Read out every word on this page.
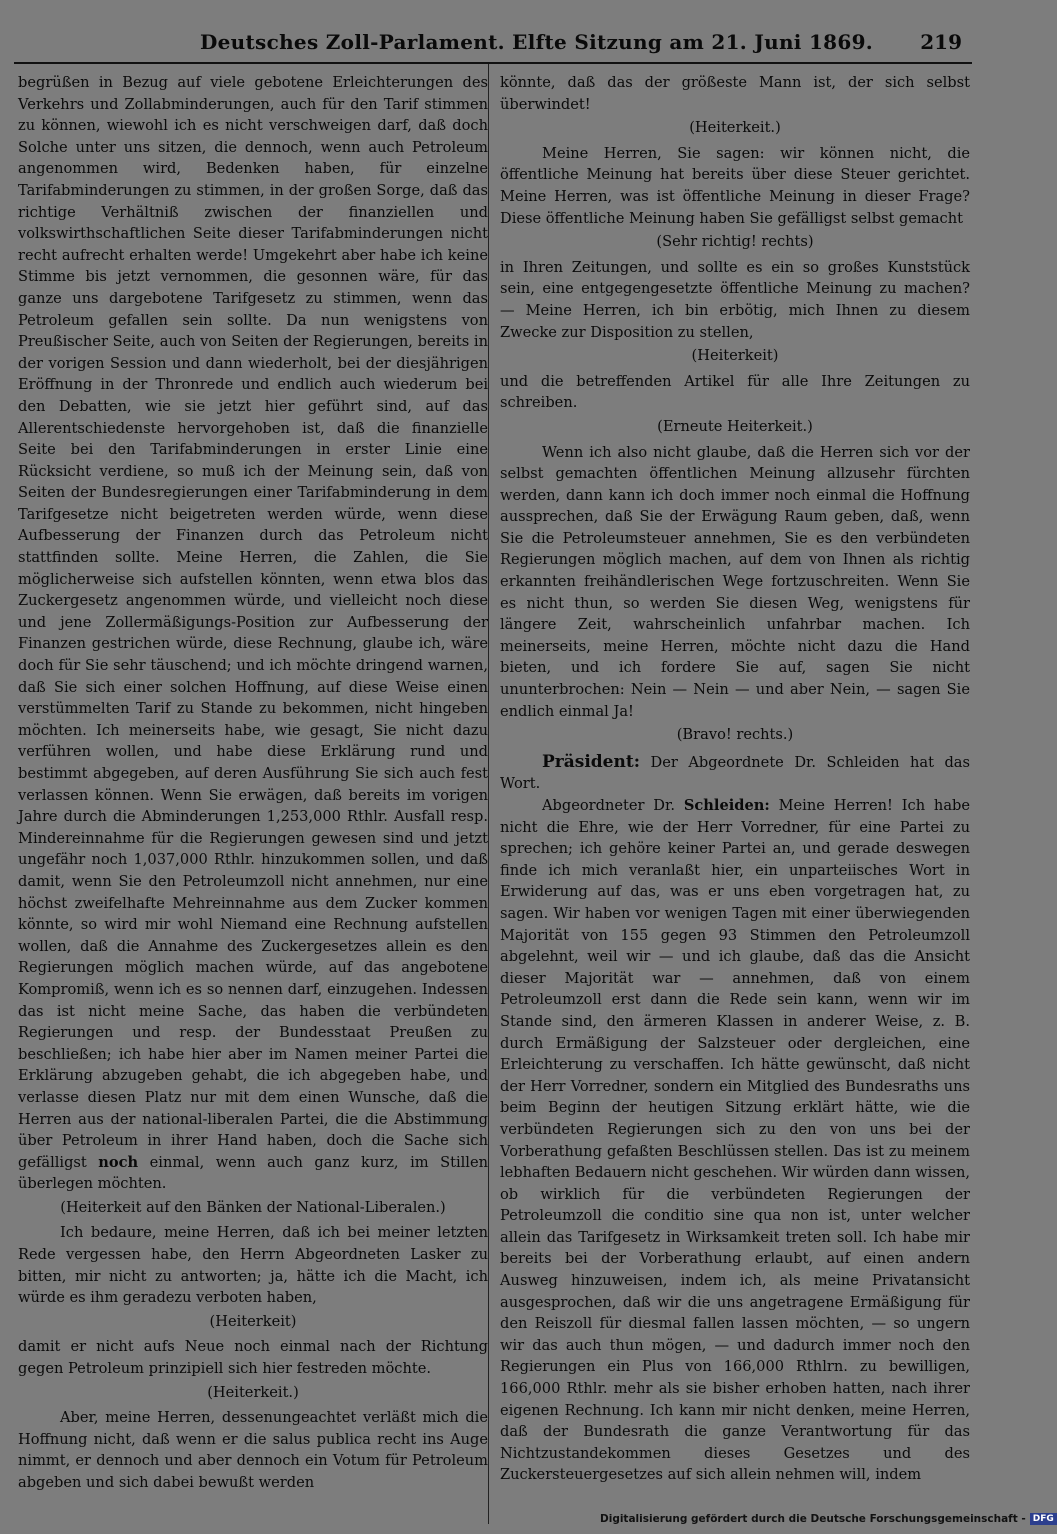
Deutsches Zoll-Parlament. Elfte Sitzung am 21. Juni 1869. 219

begrüßen in Bezug auf viele gebotene Erleichterungen des Verkehrs und Zollabminderungen, auch für den Tarif stimmen zu können, wiewohl ich es nicht verschweigen darf, daß doch Solche unter uns sitzen, die dennoch, wenn auch Petroleum angenommen wird, Bedenken haben, für einzelne Tarifabminderungen zu stimmen, in der großen Sorge, daß das richtige Verhältniß zwischen der finanziellen und volkswirthschaftlichen Seite dieser Tarifabminderungen nicht recht aufrecht erhalten werde! Umgekehrt aber habe ich keine Stimme bis jetzt vernommen, die gesonnen wäre, für das ganze uns dargebotene Tarifgesetz zu stimmen, wenn das Petroleum gefallen sein sollte. Da nun wenigstens von Preußischer Seite, auch von Seiten der Regierungen, bereits in der vorigen Session und dann wiederholt, bei der diesjährigen Eröffnung in der Thronrede und endlich auch wiederum bei den Debatten, wie sie jetzt hier geführt sind, auf das Allerentschiedenste hervorgehoben ist, daß die finanzielle Seite bei den Tarifabminderungen in erster Linie eine Rücksicht verdiene, so muß ich der Meinung sein, daß von Seiten der Bundesregierungen einer Tarifabminderung in dem Tarifgesetze nicht beigetreten werden würde, wenn diese Aufbesserung der Finanzen durch das Petroleum nicht stattfinden sollte. Meine Herren, die Zahlen, die Sie möglicherweise sich aufstellen könnten, wenn etwa blos das Zuckergesetz angenommen würde, und vielleicht noch diese und jene Zollermäßigungs-Position zur Aufbesserung der Finanzen gestrichen würde, diese Rechnung, glaube ich, wäre doch für Sie sehr täuschend; und ich möchte dringend warnen, daß Sie sich einer solchen Hoffnung, auf diese Weise einen verstümmelten Tarif zu Stande zu bekommen, nicht hingeben möchten. Ich meinerseits habe, wie gesagt, Sie nicht dazu verführen wollen, und habe diese Erklärung rund und bestimmt abgegeben, auf deren Ausführung Sie sich auch fest verlassen können. Wenn Sie erwägen, daß bereits im vorigen Jahre durch die Abminderungen 1,253,000 Rthlr. Ausfall resp. Mindereinnahme für die Regierungen gewesen sind und jetzt ungefähr noch 1,037,000 Rthlr. hinzukommen sollen, und daß damit, wenn Sie den Petroleumzoll nicht annehmen, nur eine höchst zweifelhafte Mehreinnahme aus dem Zucker kommen könnte, so wird mir wohl Niemand eine Rechnung aufstellen wollen, daß die Annahme des Zuckergesetzes allein es den Regierungen möglich machen würde, auf das angebotene Kompromiß, wenn ich es so nennen darf, einzugehen. Indessen das ist nicht meine Sache, das haben die verbündeten Regierungen und resp. der Bundesstaat Preußen zu beschließen; ich habe hier aber im Namen meiner Partei die Erklärung abzugeben gehabt, die ich abgegeben habe, und verlasse diesen Platz nur mit dem einen Wunsche, daß die Herren aus der national-liberalen Partei, die die Abstimmung über Petroleum in ihrer Hand haben, doch die Sache sich gefälligst noch einmal, wenn auch ganz kurz, im Stillen überlegen möchten.

(Heiterkeit auf den Bänken der National-Liberalen.)

Ich bedaure, meine Herren, daß ich bei meiner letzten Rede vergessen habe, den Herrn Abgeordneten Lasker zu bitten, mir nicht zu antworten; ja, hätte ich die Macht, ich würde es ihm geradezu verboten haben,

(Heiterkeit)

damit er nicht aufs Neue noch einmal nach der Richtung gegen Petroleum prinzipiell sich hier festreden möchte.

(Heiterkeit.)

Aber, meine Herren, dessenungeachtet verläßt mich die Hoffnung nicht, daß wenn er die salus publica recht ins Auge nimmt, er dennoch und aber dennoch ein Votum für Petroleum abgeben und sich dabei bewußt werden

könnte, daß das der größeste Mann ist, der sich selbst überwindet!

(Heiterkeit.)

Meine Herren, Sie sagen: wir können nicht, die öffentliche Meinung hat bereits über diese Steuer gerichtet. Meine Herren, was ist öffentliche Meinung in dieser Frage? Diese öffentliche Meinung haben Sie gefälligst selbst gemacht

(Sehr richtig! rechts)

in Ihren Zeitungen, und sollte es ein so großes Kunststück sein, eine entgegengesetzte öffentliche Meinung zu machen? — Meine Herren, ich bin erbötig, mich Ihnen zu diesem Zwecke zur Disposition zu stellen,

(Heiterkeit)

und die betreffenden Artikel für alle Ihre Zeitungen zu schreiben.

(Erneute Heiterkeit.)

Wenn ich also nicht glaube, daß die Herren sich vor der selbst gemachten öffentlichen Meinung allzusehr fürchten werden, dann kann ich doch immer noch einmal die Hoffnung aussprechen, daß Sie der Erwägung Raum geben, daß, wenn Sie die Petroleumsteuer annehmen, Sie es den verbündeten Regierungen möglich machen, auf dem von Ihnen als richtig erkannten freihändlerischen Wege fortzuschreiten. Wenn Sie es nicht thun, so werden Sie diesen Weg, wenigstens für längere Zeit, wahrscheinlich unfahrbar machen. Ich meinerseits, meine Herren, möchte nicht dazu die Hand bieten, und ich fordere Sie auf, sagen Sie nicht ununterbrochen: Nein — Nein — und aber Nein, — sagen Sie endlich einmal Ja!

(Bravo! rechts.)

Präsident: Der Abgeordnete Dr. Schleiden hat das Wort.

Abgeordneter Dr. Schleiden: Meine Herren! Ich habe nicht die Ehre, wie der Herr Vorredner, für eine Partei zu sprechen; ich gehöre keiner Partei an, und gerade deswegen finde ich mich veranlaßt hier, ein unparteiisches Wort in Erwiderung auf das, was er uns eben vorgetragen hat, zu sagen. Wir haben vor wenigen Tagen mit einer überwiegenden Majorität von 155 gegen 93 Stimmen den Petroleumzoll abgelehnt, weil wir — und ich glaube, daß das die Ansicht dieser Majorität war — annehmen, daß von einem Petroleumzoll erst dann die Rede sein kann, wenn wir im Stande sind, den ärmeren Klassen in anderer Weise, z. B. durch Ermäßigung der Salzsteuer oder dergleichen, eine Erleichterung zu verschaffen. Ich hätte gewünscht, daß nicht der Herr Vorredner, sondern ein Mitglied des Bundesraths uns beim Beginn der heutigen Sitzung erklärt hätte, wie die verbündeten Regierungen sich zu den von uns bei der Vorberathung gefaßten Beschlüssen stellen. Das ist zu meinem lebhaften Bedauern nicht geschehen. Wir würden dann wissen, ob wirklich für die verbündeten Regierungen der Petroleumzoll die conditio sine qua non ist, unter welcher allein das Tarifgesetz in Wirksamkeit treten soll. Ich habe mir bereits bei der Vorberathung erlaubt, auf einen andern Ausweg hinzuweisen, indem ich, als meine Privatansicht ausgesprochen, daß wir die uns angetragene Ermäßigung für den Reiszoll für diesmal fallen lassen möchten, — so ungern wir das auch thun mögen, — und dadurch immer noch den Regierungen ein Plus von 166,000 Rthlrn. zu bewilligen, 166,000 Rthlr. mehr als sie bisher erhoben hatten, nach ihrer eigenen Rechnung. Ich kann mir nicht denken, meine Herren, daß der Bundesrath die ganze Verantwortung für das Nichtzustandekommen dieses Gesetzes und des Zuckersteuergesetzes auf sich allein nehmen will, indem

Digitalisierung gefördert durch die Deutsche Forschungsgemeinschaft - DFG
